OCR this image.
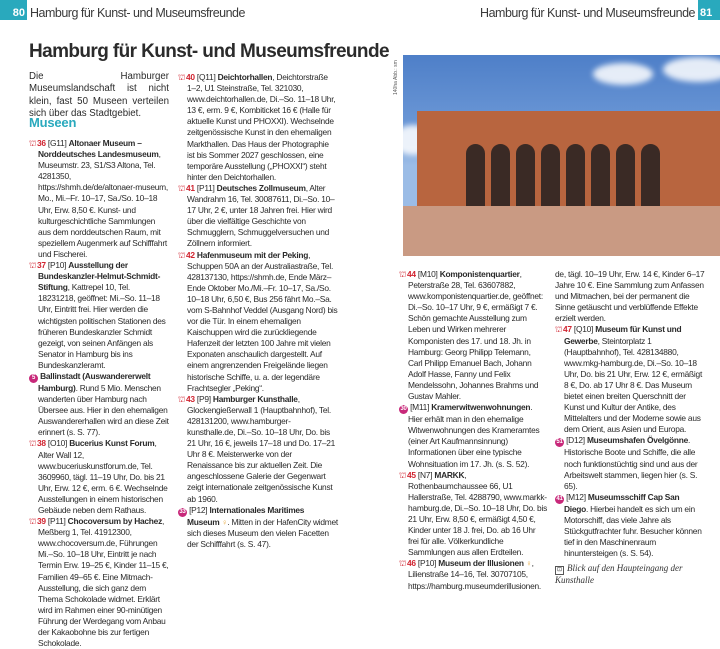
80 Hamburg für Kunst- und Museumsfreunde	Hamburg für Kunst- und Museumsfreunde 81
Hamburg für Kunst- und Museumsfreunde

Die Hamburger Museumslandschaft ist nicht klein, fast 50 Museen verteilen sich über das Stadtgebiet.

Museen

⛫36 [G11] Altonaer Museum – Norddeutsches Landesmuseum, Museumstr. 23, S1/S3 Altona, Tel. 4281350, https://shmh.de/de/altonaer-museum, Mo., Mi.–Fr. 10–17, Sa./So. 10–18 Uhr, Erw. 8,50 €. Kunst- und kulturgeschichtliche Sammlungen aus dem norddeutschen Raum, mit speziellem Augenmerk auf Schifffahrt und Fischerei.

⛫37 [P10] Ausstellung der Bundeskanzler-Helmut-Schmidt-Stiftung, Kattrepel 10, Tel. 18231218, geöffnet: Mi.–So. 11–18 Uhr, Eintritt frei. Hier werden die wichtigsten politischen Stationen des früheren Bundeskanzler Schmidt gezeigt, von seinen Anfängen als Senator in Hamburg bis ins Bundeskanzleramt.

5 Ballinstadt (Auswandererwelt Hamburg). Rund 5 Mio. Menschen wanderten über Hamburg nach Übersee aus. Hier in den ehemaligen Auswandererhallen wird an diese Zeit erinnert (s. S. 77).

⛫38 [O10] Bucerius Kunst Forum, Alter Wall 12, www.buceriuskunstforum.de, Tel. 3609960, tägl. 11–19 Uhr, Do. bis 21 Uhr, Erw. 12 €, erm. 6 €. Wechselnde Ausstellungen in einem historischen Gebäude neben dem Rathaus.

⛫39 [P11] Chocoversum by Hachez, Meßberg 1, Tel. 41912300, www.chocoversum.de, Führungen Mi.–So. 10–18 Uhr, Eintritt je nach Termin Erw. 19–25 €, Kinder 11–15 €, Familien 49–65 €. Eine Mitmach-Ausstellung, die sich ganz dem Thema Schokolade widmet. Erklärt wird im Rahmen einer 90-minütigen Führung der Werdegang vom Anbau der Kakaobohne bis zur fertigen Schokolade.

⛫40 [Q11] Deichtorhallen, Deichtorstraße 1–2, U1 Steinstraße, Tel. 321030, www.deichtorhallen.de, Di.–So. 11–18 Uhr, 13 €, erm. 9 €, Kombiticket 16 € (Halle für aktuelle Kunst und PHOXXI). Wechselnde zeitgenössische Kunst in den ehemaligen Markthallen. Das Haus der Photographie ist bis Sommer 2027 geschlossen, eine temporäre Ausstellung („PHOXXI“) steht hinter den Deichtorhallen.

⛫41 [P11] Deutsches Zollmuseum, Alter Wandrahm 16, Tel. 30087611, Di.–So. 10–17 Uhr, 2 €, unter 18 Jahren frei. Hier wird über die vielfältige Geschichte von Schmugglern, Schmuggelversuchen und Zöllnern informiert.

⛫42 Hafenmuseum mit der Peking, Schuppen 50A an der Australiastraße, Tel. 428137130, https://shmh.de, Ende März–Ende Oktober Mo./Mi.–Fr. 10–17, Sa./So. 10–18 Uhr, 6,50 €, Bus 256 fährt Mo.–Sa. vom S-Bahnhof Veddel (Ausgang Nord) bis vor die Tür. In einem ehemaligen Kaischuppen wird die zurückliegende Hafenzeit der letzten 100 Jahre mit vielen Exponaten anschaulich dargestellt. Auf einem angrenzenden Freigelände liegen historische Schiffe, u. a. der legendäre Frachtsegler „Peking“.

⛫43 [P9] Hamburger Kunsthalle, Glockengießerwall 1 (Hauptbahnhof), Tel. 428131200, www.hamburger-kunsthalle.de, Di.–So. 10–18 Uhr, Do. bis 21 Uhr, 16 €, jeweils 17–18 und Do. 17–21 Uhr 8 €. Meisterwerke von der Renaissance bis zur aktuellen Zeit. Die angeschlossene Galerie der Gegenwart zeigt internationale zeitgenössische Kunst ab 1960.

33 [P12] Internationales Maritimes Museum ♀. Mitten in der HafenCity widmet sich dieses Museum den vielen Facetten der Schifffahrt (s. S. 47).

⛫44 [M10] Komponistenquartier, Peterstraße 28, Tel. 63607882, www.komponistenquartier.de, geöffnet: Di.–So. 10–17 Uhr, 9 €, ermäßigt 7 €. Schön gemachte Ausstellung zum Leben und Wirken mehrerer Komponisten des 17. und 18. Jh. in Hamburg: Georg Philipp Telemann, Carl Philipp Emanuel Bach, Johann Adolf Hasse, Fanny und Felix Mendelssohn, Johannes Brahms und Gustav Mahler.

30 [M11] Kramerwitwenwohnungen. Hier erhält man in den ehemalige Witwenwohnungen des Krameramtes (einer Art Kaufmannsinnung) Informationen über eine typische Wohnsituation im 17. Jh. (s. S. 52).

⛫45 [N7] MARKK, Rothenbaumchaussee 66, U1 Hallerstraße, Tel. 4288790, www.markk-hamburg.de, Di.–So. 10–18 Uhr, Do. bis 21 Uhr, Erw. 8,50 €, ermäßigt 4,50 €, Kinder unter 18 J. frei, Do. ab 16 Uhr frei für alle. Völkerkundliche Sammlungen aus allen Erdteilen.

⛫46 [P10] Museum der Illusionen ♀, Lilienstraße 14–16, Tel. 30707105, https://hamburg.museumderillusionen.

de, tägl. 10–19 Uhr, Erw. 14 €, Kinder 6–17 Jahre 10 €. Eine Sammlung zum Anfassen und Mitmachen, bei der permanent die Sinne getäuscht und verblüffende Effekte erzielt werden.

⛫47 [Q10] Museum für Kunst und Gewerbe, Steintorplatz 1 (Hauptbahnhof), Tel. 428134880, www.mkg-hamburg.de, Di.–So. 10–18 Uhr, Do. bis 21 Uhr, Erw. 12 €, ermäßigt 8 €, Do. ab 17 Uhr 8 €. Das Museum bietet einen breiten Querschnitt der Kunst und Kultur der Antike, des Mittelalters und der Moderne sowie aus dem Orient, aus Asien und Europa.

51 [D12] Museumshafen Övelgönne. Historische Boote und Schiffe, die alle noch funktionstüchtig sind und aus der Arbeitswelt stammen, liegen hier (s. S. 65).

41 [M12] Museumsschiff Cap San Diego. Hierbei handelt es sich um ein Motorschiff, das viele Jahre als Stückgutfrachter fuhr. Besucher können tief in den Maschinenraum hinuntersteigen (s. S. 54).

140ha Abb.: sm
⊡ Blick auf den Haupteingang der Kunsthalle
